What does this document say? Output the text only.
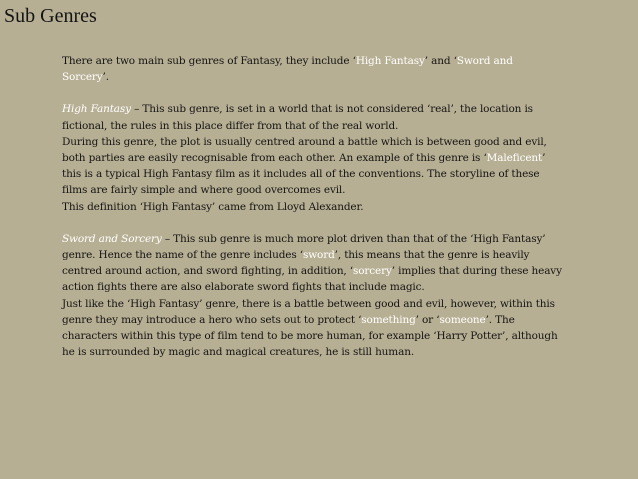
Sub Genres

There are two main sub genres of Fantasy, they include ‘High Fantasy’ and ‘Sword and Sorcery’.

High Fantasy – This sub genre, is set in a world that is not considered ‘real’, the location is fictional, the rules in this place differ from that of the real world.

During this genre, the plot is usually centred around a battle which is between good and evil, both parties are easily recognisable from each other. An example of this genre is ‘Maleficent’ this is a typical High Fantasy film as it includes all of the conventions. The storyline of these films are fairly simple and where good overcomes evil.

This definition ‘High Fantasy’ came from Lloyd Alexander.

Sword and Sorcery – This sub genre is much more plot driven than that of the ‘High Fantasy’ genre. Hence the name of the genre includes ‘sword’, this means that the genre is heavily centred around action, and sword fighting, in addition, ‘sorcery’ implies that during these heavy action fights there are also elaborate sword fights that include magic.

Just like the ‘High Fantasy’ genre, there is a battle between good and evil, however, within this genre they may introduce a hero who sets out to protect ‘something’ or ‘someone’. The characters within this type of film tend to be more human, for example ‘Harry Potter’, although he is surrounded by magic and magical creatures, he is still human.
